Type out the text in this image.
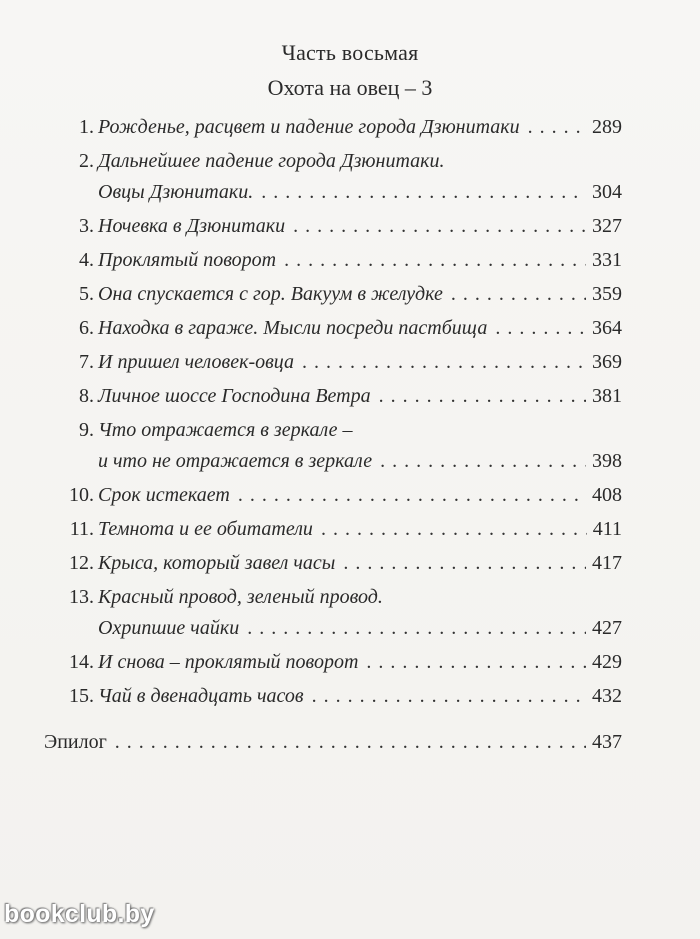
Часть восьмая
Охота на овец – 3
1. Рожденье, расцвет и падение города Дзюнитаки . . .	289
2. Дальнейшее падение города Дзюнитаки.
Овцы Дзюнитаки. . . .	304
3. Ночевка в Дзюнитаки . . .	327
4. Проклятый поворот . . .	331
5. Она спускается с гор. Вакуум в желудке . . .	359
6. Находка в гараже. Мысли посреди пастбища . . .	364
7. И пришел человек-овца . . .	369
8. Личное шоссе Господина Ветра . . .	381
9. Что отражается в зеркале –
и что не отражается в зеркале . . .	398
10. Срок истекает . . .	408
11. Темнота и ее обитатели . . .	411
12. Крыса, который завел часы . . .	417
13. Красный провод, зеленый провод.
Охрипшие чайки . . .	427
14. И снова – проклятый поворот . . .	429
15. Чай в двенадцать часов . . .	432
Эпилог . . .	437
bookclub.by
